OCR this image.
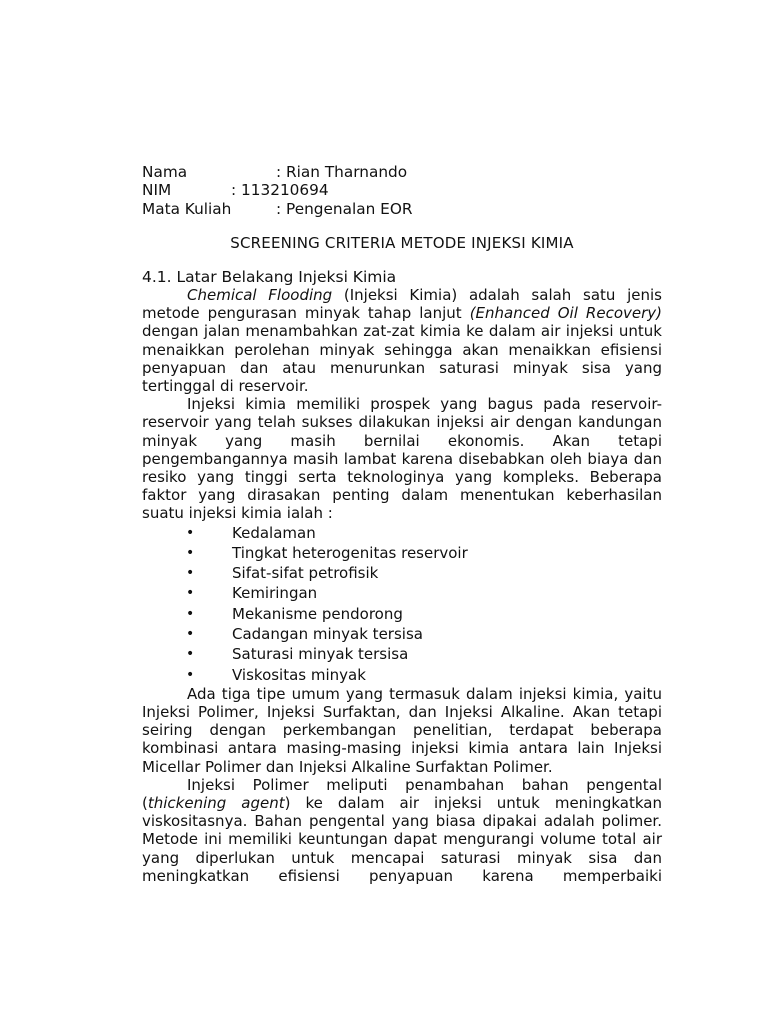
Nama	: Rian Tharnando
NIM	: 113210694
Mata Kuliah	: Pengenalan EOR
SCREENING CRITERIA METODE INJEKSI KIMIA
4.1. Latar Belakang Injeksi Kimia
Chemical Flooding (Injeksi Kimia) adalah salah satu jenis
metode pengurasan minyak tahap lanjut (Enhanced Oil Recovery)
dengan jalan menambahkan zat-zat kimia ke dalam air injeksi untuk
menaikkan perolehan minyak sehingga akan menaikkan efisiensi
penyapuan dan atau menurunkan saturasi minyak sisa yang
tertinggal di reservoir.
Injeksi kimia memiliki prospek yang bagus pada reservoir-
reservoir yang telah sukses dilakukan injeksi air dengan kandungan
minyak yang masih bernilai ekonomis. Akan tetapi
pengembangannya masih lambat karena disebabkan oleh biaya dan
resiko yang tinggi serta teknologinya yang kompleks. Beberapa
faktor yang dirasakan penting dalam menentukan keberhasilan
suatu injeksi kimia ialah :
•	Kedalaman
•	Tingkat heterogenitas reservoir
•	Sifat-sifat petrofisik
•	Kemiringan
•	Mekanisme pendorong
•	Cadangan minyak tersisa
•	Saturasi minyak tersisa
•	Viskositas minyak
Ada tiga tipe umum yang termasuk dalam injeksi kimia, yaitu
Injeksi Polimer, Injeksi Surfaktan, dan Injeksi Alkaline. Akan tetapi
seiring dengan perkembangan penelitian, terdapat beberapa
kombinasi antara masing-masing injeksi kimia antara lain Injeksi
Micellar Polimer dan Injeksi Alkaline Surfaktan Polimer.
Injeksi Polimer meliputi penambahan bahan pengental
(thickening agent) ke dalam air injeksi untuk meningkatkan
viskositasnya. Bahan pengental yang biasa dipakai adalah polimer.
Metode ini memiliki keuntungan dapat mengurangi volume total air
yang diperlukan untuk mencapai saturasi minyak sisa dan
meningkatkan efisiensi penyapuan karena memperbaiki
